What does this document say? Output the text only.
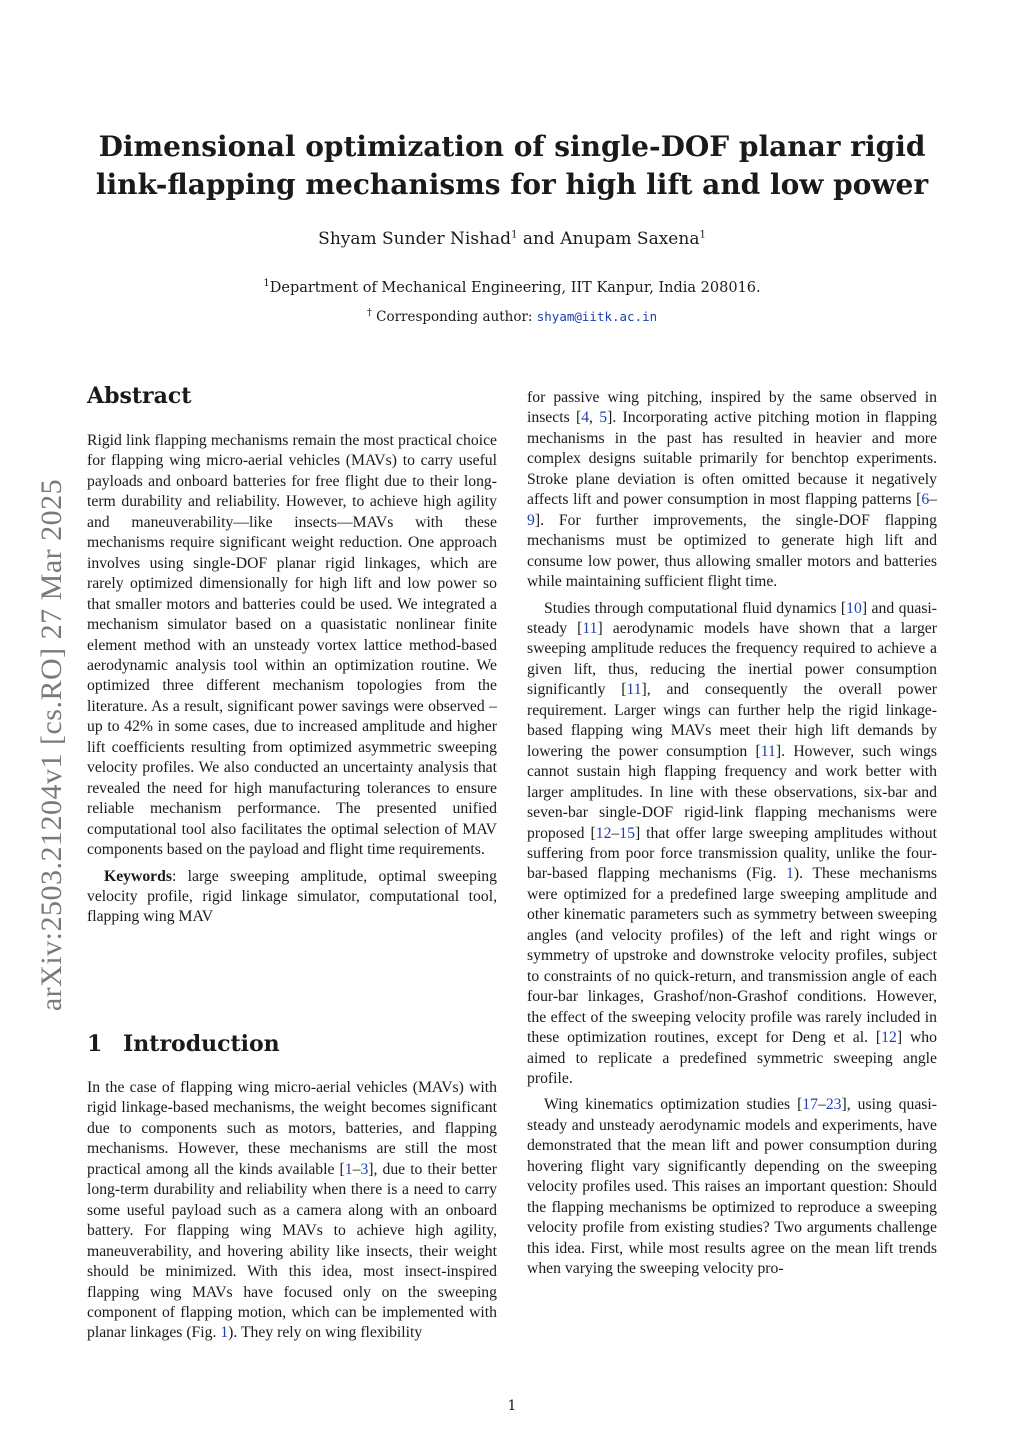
arXiv:2503.21204v1 [cs.RO] 27 Mar 2025
Dimensional optimization of single-DOF planar rigid
link-flapping mechanisms for high lift and low power
Shyam Sunder Nishad$^1$ and Anupam Saxena$^1$
$^1$Department of Mechanical Engineering, IIT Kanpur, India 208016.
† Corresponding author: shyam@iitk.ac.in
Abstract

Rigid link flapping mechanisms remain the most practical choice for flapping wing micro-aerial vehicles (MAVs) to carry useful payloads and onboard batteries for free flight due to their long-term durability and reliability. However, to achieve high agility and maneuverability—like insects—MAVs with these mechanisms require significant weight reduction. One approach involves using single-DOF planar rigid linkages, which are rarely optimized dimensionally for high lift and low power so that smaller motors and batteries could be used. We integrated a mechanism simulator based on a quasistatic nonlinear finite element method with an unsteady vortex lattice method-based aerodynamic analysis tool within an optimization routine. We optimized three different mechanism topologies from the literature. As a result, significant power savings were observed – up to 42% in some cases, due to increased amplitude and higher lift coefficients resulting from optimized asymmetric sweeping velocity profiles. We also conducted an uncertainty analysis that revealed the need for high manufacturing tolerances to ensure reliable mechanism performance. The presented unified computational tool also facilitates the optimal selection of MAV components based on the payload and flight time requirements.

Keywords: large sweeping amplitude, optimal sweeping velocity profile, rigid linkage simulator, computational tool, flapping wing MAV

1 Introduction

In the case of flapping wing micro-aerial vehicles (MAVs) with rigid linkage-based mechanisms, the weight becomes significant due to components such as motors, batteries, and flapping mechanisms. However, these mechanisms are still the most practical among all the kinds available [1–3], due to their better long-term durability and reliability when there is a need to carry some useful payload such as a camera along with an onboard battery. For flapping wing MAVs to achieve high agility, maneuverability, and hovering ability like insects, their weight should be minimized. With this idea, most insect-inspired flapping wing MAVs have focused only on the sweeping component of flapping motion, which can be implemented with planar linkages (Fig. 1). They rely on wing flexibility

for passive wing pitching, inspired by the same observed in insects [4, 5]. Incorporating active pitching motion in flapping mechanisms in the past has resulted in heavier and more complex designs suitable primarily for benchtop experiments. Stroke plane deviation is often omitted because it negatively affects lift and power consumption in most flapping patterns [6–9]. For further improvements, the single-DOF flapping mechanisms must be optimized to generate high lift and consume low power, thus allowing smaller motors and batteries while maintaining sufficient flight time.

Studies through computational fluid dynamics [10] and quasi-steady [11] aerodynamic models have shown that a larger sweeping amplitude reduces the frequency required to achieve a given lift, thus, reducing the inertial power consumption significantly [11], and consequently the overall power requirement. Larger wings can further help the rigid linkage-based flapping wing MAVs meet their high lift demands by lowering the power consumption [11]. However, such wings cannot sustain high flapping frequency and work better with larger amplitudes. In line with these observations, six-bar and seven-bar single-DOF rigid-link flapping mechanisms were proposed [12–15] that offer large sweeping amplitudes without suffering from poor force transmission quality, unlike the four-bar-based flapping mechanisms (Fig. 1). These mechanisms were optimized for a predefined large sweeping amplitude and other kinematic parameters such as symmetry between sweeping angles (and velocity profiles) of the left and right wings or symmetry of upstroke and downstroke velocity profiles, subject to constraints of no quick-return, and transmission angle of each four-bar linkages, Grashof/non-Grashof conditions. However, the effect of the sweeping velocity profile was rarely included in these optimization routines, except for Deng et al. [12] who aimed to replicate a predefined symmetric sweeping angle profile.

Wing kinematics optimization studies [17–23], using quasi-steady and unsteady aerodynamic models and experiments, have demonstrated that the mean lift and power consumption during hovering flight vary significantly depending on the sweeping velocity profiles used. This raises an important question: Should the flapping mechanisms be optimized to reproduce a sweeping velocity profile from existing studies? Two arguments challenge this idea. First, while most results agree on the mean lift trends when varying the sweeping velocity pro-

1
